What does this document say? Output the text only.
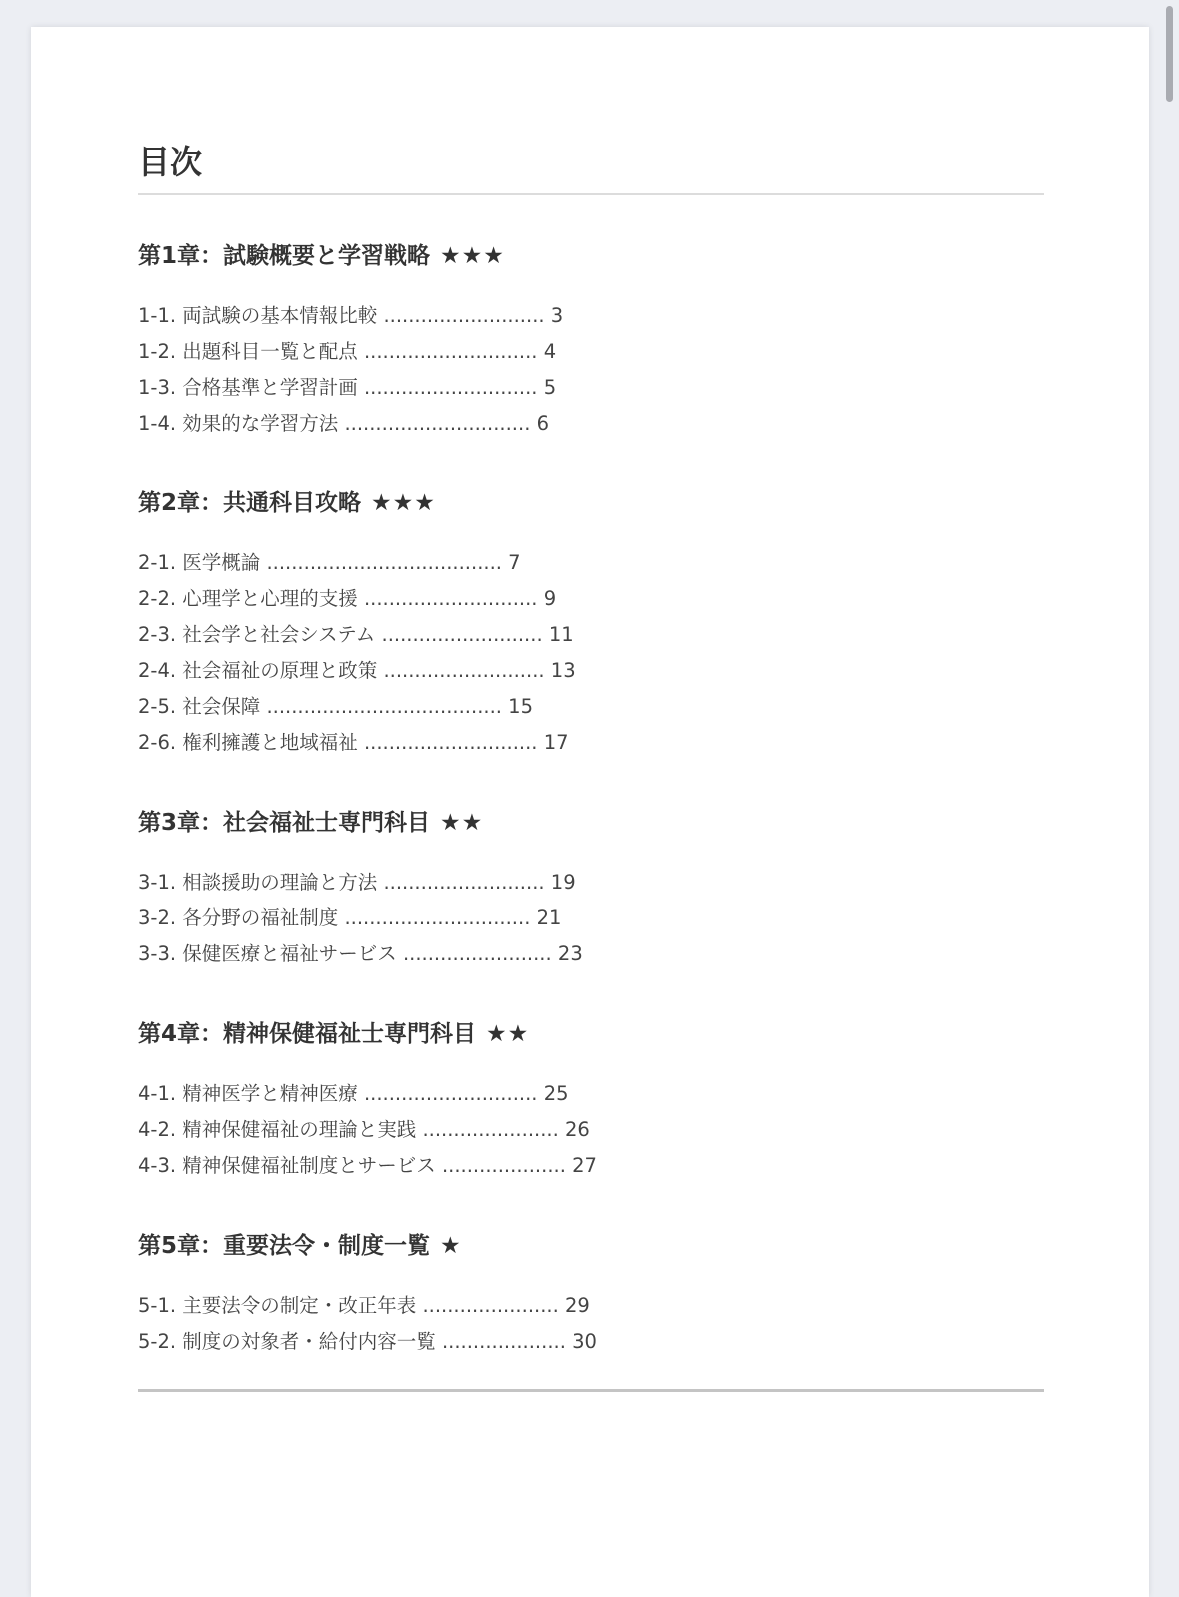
目次
第1章：試験概要と学習戦略 ★★★
1-1. 両試験の基本情報比較 .......................... 3
1-2. 出題科目一覧と配点 ............................ 4
1-3. 合格基準と学習計画 ............................ 5
1-4. 効果的な学習方法 .............................. 6
第2章：共通科目攻略 ★★★
2-1. 医学概論 ...................................... 7
2-2. 心理学と心理的支援 ............................ 9
2-3. 社会学と社会システム .......................... 11
2-4. 社会福祉の原理と政策 .......................... 13
2-5. 社会保障 ...................................... 15
2-6. 権利擁護と地域福祉 ............................ 17
第3章：社会福祉士専門科目 ★★
3-1. 相談援助の理論と方法 .......................... 19
3-2. 各分野の福祉制度 .............................. 21
3-3. 保健医療と福祉サービス ........................ 23
第4章：精神保健福祉士専門科目 ★★
4-1. 精神医学と精神医療 ............................ 25
4-2. 精神保健福祉の理論と実践 ...................... 26
4-3. 精神保健福祉制度とサービス .................... 27
第5章：重要法令・制度一覧 ★
5-1. 主要法令の制定・改正年表 ...................... 29
5-2. 制度の対象者・給付内容一覧 .................... 30
